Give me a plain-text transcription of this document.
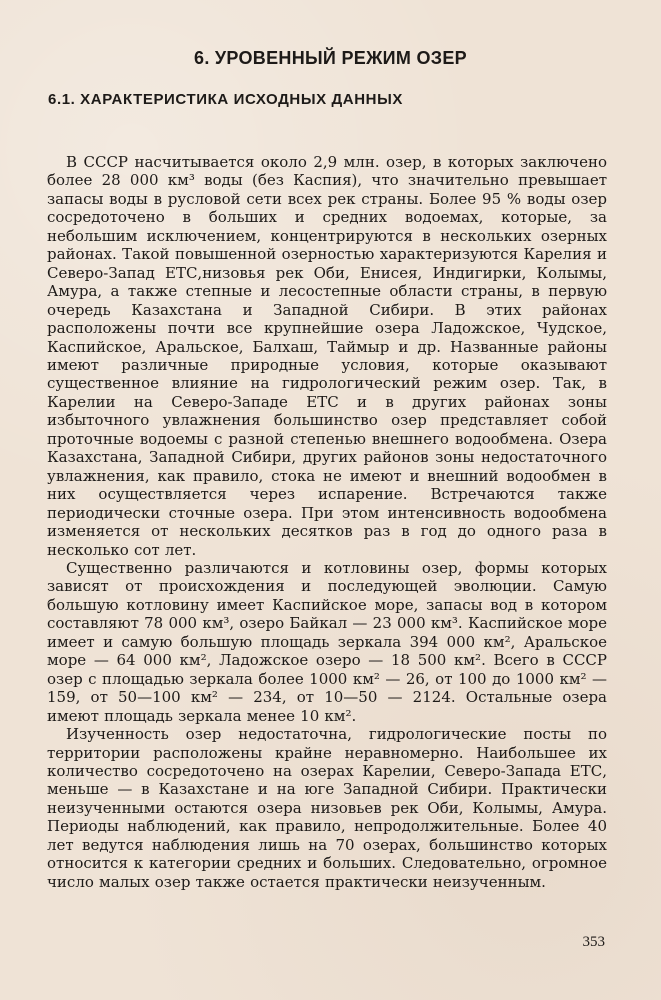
6. УРОВЕННЫЙ РЕЖИМ ОЗЕР
6.1. ХАРАКТЕРИСТИКА ИСХОДНЫХ ДАННЫХ

В СССР насчитывается около 2,9 млн. озер, в которых заключено более 28 000 км³ воды (без Каспия), что значительно превышает запасы воды в русловой сети всех рек страны. Более 95 % воды озер сосредоточено в больших и средних водоемах, которые, за небольшим исключением, концентрируются в нескольких озерных районах. Такой повышенной озерностью характеризуются Карелия и Северо-Запад ЕТС,низовья рек Оби, Енисея, Индигирки, Колымы, Амура, а также степные и лесостепные области страны, в первую очередь Казахстана и Западной Сибири. В этих районах расположены почти все крупнейшие озера Ладожское, Чудское, Каспийское, Аральское, Балхаш, Таймыр и др. Названные районы имеют различные природные условия, которые оказывают существенное влияние на гидрологический режим озер. Так, в Карелии на Северо-Западе ЕТС и в других районах зоны избыточного увлажнения большинство озер представляет собой проточные водоемы с разной степенью внешнего водообмена. Озера Казахстана, Западной Сибири, других районов зоны недостаточного увлажнения, как правило, стока не имеют и внешний водообмен в них осуществляется через испарение. Встречаются также периодически сточные озера. При этом интенсивность водообмена изменяется от нескольких десятков раз в год до одного раза в несколько сот лет.

Существенно различаются и котловины озер, формы которых зависят от происхождения и последующей эволюции. Самую большую котловину имеет Каспийское море, запасы вод в котором составляют 78 000 км³, озеро Байкал — 23 000 км³. Каспийское море имеет и самую большую площадь зеркала 394 000 км², Аральское море — 64 000 км², Ладожское озеро — 18 500 км². Всего в СССР озер с площадью зеркала более 1000 км² — 26, от 100 до 1000 км² — 159, от 50—100 км² — 234, от 10—50 — 2124. Остальные озера имеют площадь зеркала менее 10 км².

Изученность озер недостаточна, гидрологические посты по территории расположены крайне неравномерно. Наибольшее их количество сосредоточено на озерах Карелии, Северо-Запада ЕТС, меньше — в Казахстане и на юге Западной Сибири. Практически неизученными остаются озера низовьев рек Оби, Колымы, Амура. Периоды наблюдений, как правило, непродолжительные. Более 40 лет ведутся наблюдения лишь на 70 озерах, большинство которых относится к категории средних и больших. Следовательно, огромное число малых озер также остается практически неизученным.

353
